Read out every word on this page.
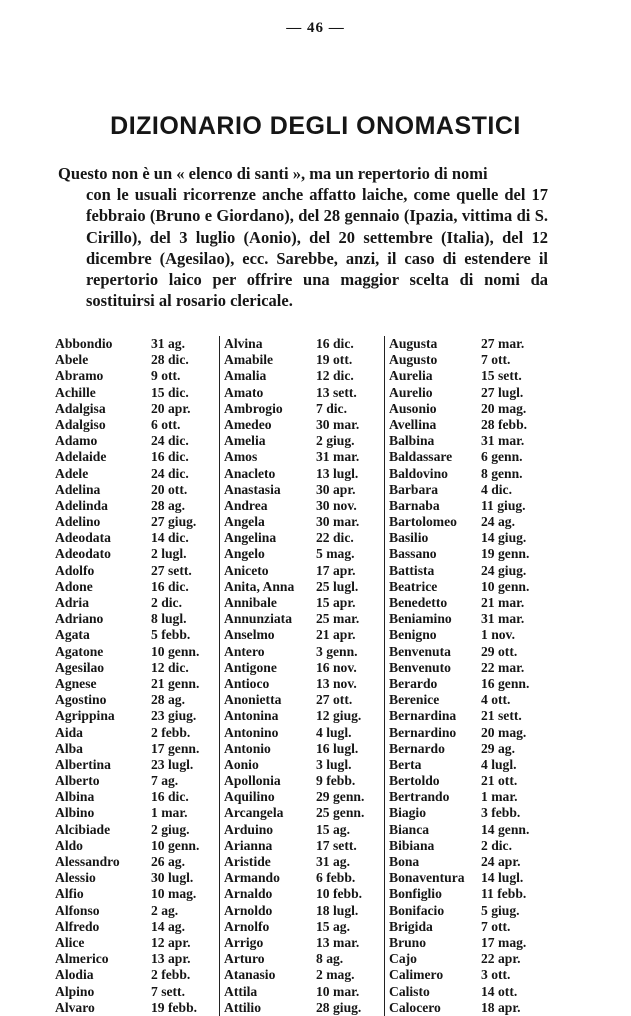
— 46 —
DIZIONARIO DEGLI ONOMASTICI

Questo non è un « elenco di santi », ma un repertorio di nomi
con le usuali ricorrenze anche affatto laiche, come quelle del 17 febbraio (Bruno e Giordano), del 28 gennaio (Ipazia, vittima di S. Cirillo), del 3 luglio (Aonio), del 20 settembre (Italia), del 12 dicembre (Agesilao), ecc. Sarebbe, anzi, il caso di estendere il repertorio laico per offrire una maggior scelta di nomi da sostituirsi al rosario clericale.

Abbondio	31 ag.
Abele	28 dic.
Abramo	9 ott.
Achille	15 dic.
Adalgisa	20 apr.
Adalgiso	6 ott.
Adamo	24 dic.
Adelaide	16 dic.
Adele	24 dic.
Adelina	20 ott.
Adelinda	28 ag.
Adelino	27 giug.
Adeodata	14 dic.
Adeodato	2 lugl.
Adolfo	27 sett.
Adone	16 dic.
Adria	2 dic.
Adriano	8 lugl.
Agata	5 febb.
Agatone	10 genn.
Agesilao	12 dic.
Agnese	21 genn.
Agostino	28 ag.
Agrippina	23 giug.
Aida	2 febb.
Alba	17 genn.
Albertina	23 lugl.
Alberto	7 ag.
Albina	16 dic.
Albino	1 mar.
Alcibiade	2 giug.
Aldo	10 genn.
Alessandro	26 ag.
Alessio	30 lugl.
Alfio	10 mag.
Alfonso	2 ag.
Alfredo	14 ag.
Alice	12 apr.
Almerico	13 apr.
Alodia	2 febb.
Alpino	7 sett.
Alvaro	19 febb.
Alvina	16 dic.
Amabile	19 ott.
Amalia	12 dic.
Amato	13 sett.
Ambrogio	7 dic.
Amedeo	30 mar.
Amelia	2 giug.
Amos	31 mar.
Anacleto	13 lugl.
Anastasia	30 apr.
Andrea	30 nov.
Angela	30 mar.
Angelina	22 dic.
Angelo	5 mag.
Aniceto	17 apr.
Anita, Anna	25 lugl.
Annibale	15 apr.
Annunziata	25 mar.
Anselmo	21 apr.
Antero	3 genn.
Antigone	16 nov.
Antioco	13 nov.
Anonietta	27 ott.
Antonina	12 giug.
Antonino	4 lugl.
Antonio	16 lugl.
Aonio	3 lugl.
Apollonia	9 febb.
Aquilino	29 genn.
Arcangela	25 genn.
Arduino	15 ag.
Arianna	17 sett.
Aristide	31 ag.
Armando	6 febb.
Arnaldo	10 febb.
Arnoldo	18 lugl.
Arnolfo	15 ag.
Arrigo	13 mar.
Arturo	8 ag.
Atanasio	2 mag.
Attila	10 mar.
Attilio	28 giug.
Augusta	27 mar.
Augusto	7 ott.
Aurelia	15 sett.
Aurelio	27 lugl.
Ausonio	20 mag.
Avellina	28 febb.
Balbina	31 mar.
Baldassare	6 genn.
Baldovino	8 genn.
Barbara	4 dic.
Barnaba	11 giug.
Bartolomeo	24 ag.
Basilio	14 giug.
Bassano	19 genn.
Battista	24 giug.
Beatrice	10 genn.
Benedetto	21 mar.
Beniamino	31 mar.
Benigno	1 nov.
Benvenuta	29 ott.
Benvenuto	22 mar.
Berardo	16 genn.
Berenice	4 ott.
Bernardina	21 sett.
Bernardino	20 mag.
Bernardo	29 ag.
Berta	4 lugl.
Bertoldo	21 ott.
Bertrando	1 mar.
Biagio	3 febb.
Bianca	14 genn.
Bibiana	2 dic.
Bona	24 apr.
Bonaventura	14 lugl.
Bonfiglio	11 febb.
Bonifacio	5 giug.
Brigida	7 ott.
Bruno	17 mag.
Cajo	22 apr.
Calimero	3 ott.
Calisto	14 ott.
Calocero	18 apr.
